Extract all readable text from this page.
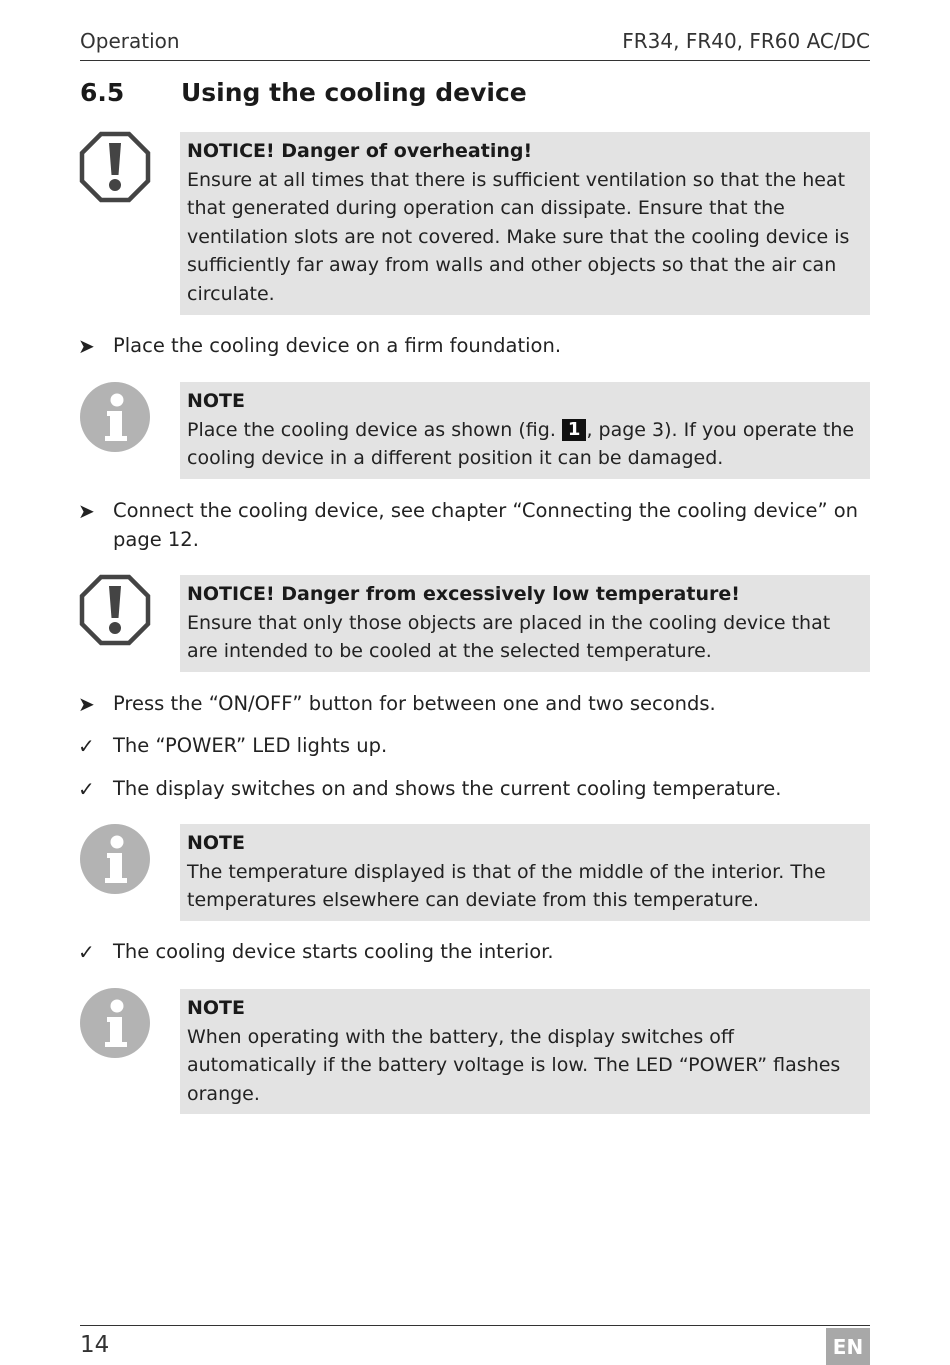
Operation	FR34, FR40, FR60 AC/DC
6.5 Using the cooling device
NOTICE! Danger of overheating!
Ensure at all times that there is sufficient ventilation so that the heat that generated during operation can dissipate. Ensure that the ventilation slots are not covered. Make sure that the cooling device is sufficiently far away from walls and other objects so that the air can circulate.
➤ Place the cooling device on a firm foundation.
NOTE
Place the cooling device as shown (fig. 1 , page 3). If you operate the cooling device in a different position it can be damaged.
➤ Connect the cooling device, see chapter “Connecting the cooling device” on page 12.
NOTICE! Danger from excessively low temperature!
Ensure that only those objects are placed in the cooling device that are intended to be cooled at the selected temperature.
➤ Press the “ON/OFF” button for between one and two seconds.
✓ The “POWER” LED lights up.
✓ The display switches on and shows the current cooling temperature.
NOTE
The temperature displayed is that of the middle of the interior. The temperatures elsewhere can deviate from this temperature.
✓ The cooling device starts cooling the interior.
NOTE
When operating with the battery, the display switches off automatically if the battery voltage is low. The LED “POWER” flashes orange.
14	EN
